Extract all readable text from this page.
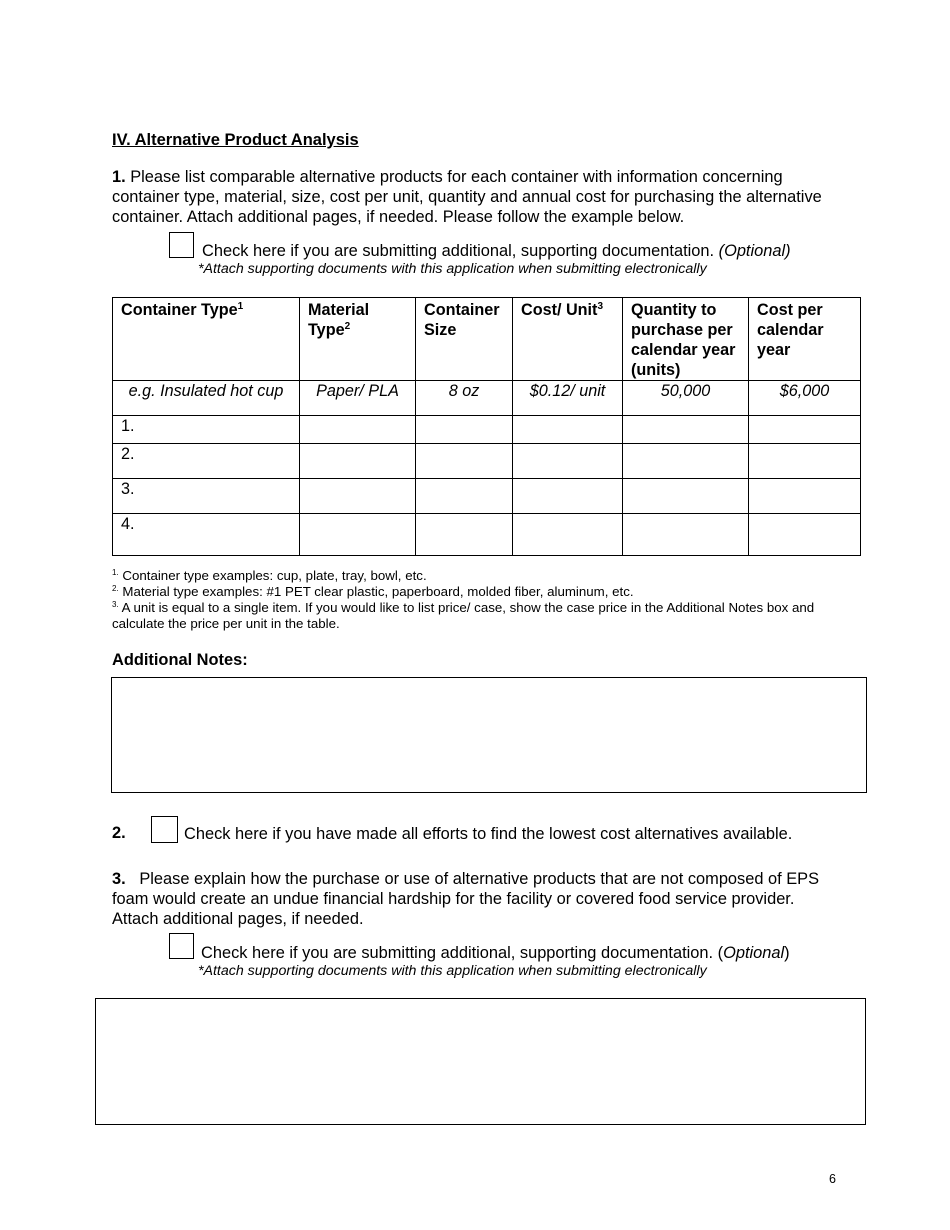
IV. Alternative Product Analysis

1. Please list comparable alternative products for each container with information concerning container type, material, size, cost per unit, quantity and annual cost for purchasing the alternative container. Attach additional pages, if needed. Please follow the example below.

Check here if you are submitting additional, supporting documentation. (Optional)
*Attach supporting documents with this application when submitting electronically
Container Type$^1$	Material Type$^2$	Container Size	Cost/ Unit$^3$	Quantity to purchase per calendar year (units)	Cost per calendar year
e.g. Insulated hot cup	Paper/ PLA	8 oz	$0.12/ unit	50,000	$6,000
1.					
2.					
3.					
4.					
$^{1.}$ Container type examples: cup, plate, tray, bowl, etc.
$^{2.}$ Material type examples: #1 PET clear plastic, paperboard, molded fiber, aluminum, etc.
$^{3.}$ A unit is equal to a single item. If you would like to list price/ case, show the case price in the Additional Notes box and calculate the price per unit in the table.
Additional Notes:
2.	Check here if you have made all efforts to find the lowest cost alternatives available.

3. Please explain how the purchase or use of alternative products that are not composed of EPS foam would create an undue financial hardship for the facility or covered food service provider. Attach additional pages, if needed.

Check here if you are submitting additional, supporting documentation. (Optional)
*Attach supporting documents with this application when submitting electronically
6
